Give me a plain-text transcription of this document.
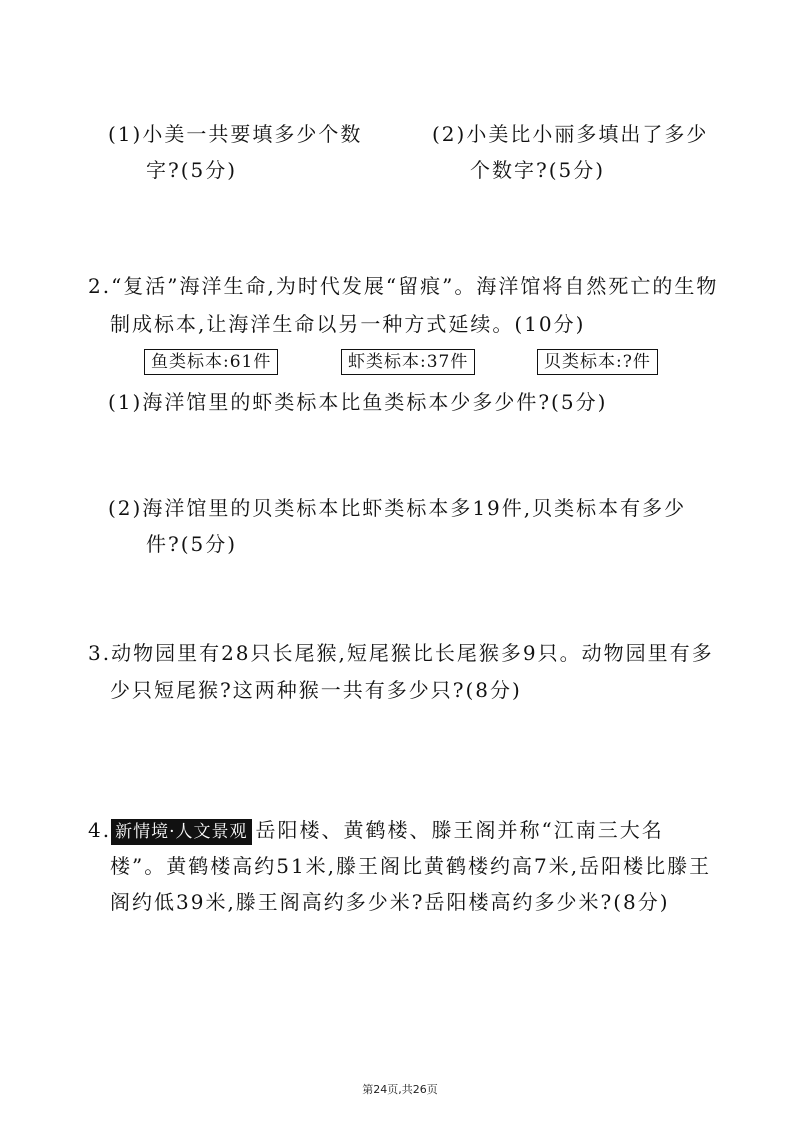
(1)小美一共要填多少个数
字?(5分)
(2)小美比小丽多填出了多少
个数字?(5分)
2.“复活”海洋生命,为时代发展“留痕”。海洋馆将自然死亡的生物
制成标本,让海洋生命以另一种方式延续。(10分)
鱼类标本:61件	虾类标本:37件	贝类标本:?件
(1)海洋馆里的虾类标本比鱼类标本少多少件?(5分)
(2)海洋馆里的贝类标本比虾类标本多19件,贝类标本有多少
件?(5分)
3.动物园里有28只长尾猴,短尾猴比长尾猴多9只。动物园里有多
少只短尾猴?这两种猴一共有多少只?(8分)
4. 新情境·人文景观 岳阳楼、黄鹤楼、滕王阁并称“江南三大名
楼”。黄鹤楼高约51米,滕王阁比黄鹤楼约高7米,岳阳楼比滕王
阁约低39米,滕王阁高约多少米?岳阳楼高约多少米?(8分)
第24页,共26页
